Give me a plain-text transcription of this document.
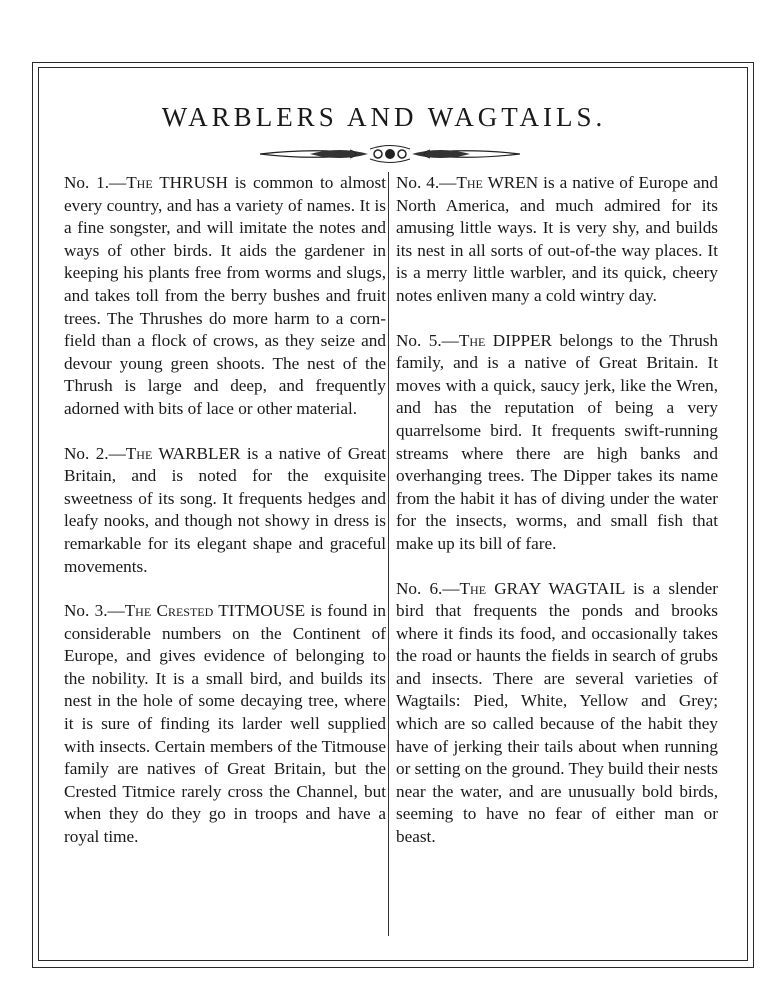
WARBLERS AND WAGTAILS.

No. 1.—The THRUSH is common to almost every country, and has a variety of names. It is a fine songster, and will imitate the notes and ways of other birds. It aids the gardener in keeping his plants free from worms and slugs, and takes toll from the berry bushes and fruit trees. The Thrushes do more harm to a corn-field than a flock of crows, as they seize and devour young green shoots. The nest of the Thrush is large and deep, and frequently adorned with bits of lace or other material.

No. 2.—The WARBLER is a native of Great Britain, and is noted for the exquisite sweetness of its song. It frequents hedges and leafy nooks, and though not showy in dress is remarkable for its elegant shape and graceful movements.

No. 3.—The Crested TITMOUSE is found in considerable numbers on the Continent of Europe, and gives evidence of belonging to the nobility. It is a small bird, and builds its nest in the hole of some decaying tree, where it is sure of finding its larder well supplied with insects. Certain members of the Titmouse family are natives of Great Britain, but the Crested Titmice rarely cross the Channel, but when they do they go in troops and have a royal time.

No. 4.—The WREN is a native of Europe and North America, and much admired for its amusing little ways. It is very shy, and builds its nest in all sorts of out-of-the way places. It is a merry little warbler, and its quick, cheery notes enliven many a cold wintry day.

No. 5.—The DIPPER belongs to the Thrush family, and is a native of Great Britain. It moves with a quick, saucy jerk, like the Wren, and has the reputation of being a very quarrelsome bird. It frequents swift-running streams where there are high banks and overhanging trees. The Dipper takes its name from the habit it has of diving under the water for the insects, worms, and small fish that make up its bill of fare.

No. 6.—The GRAY WAGTAIL is a slender bird that frequents the ponds and brooks where it finds its food, and occasionally takes the road or haunts the fields in search of grubs and insects. There are several varieties of Wagtails: Pied, White, Yellow and Grey; which are so called because of the habit they have of jerking their tails about when running or setting on the ground. They build their nests near the water, and are unusually bold birds, seeming to have no fear of either man or beast.
